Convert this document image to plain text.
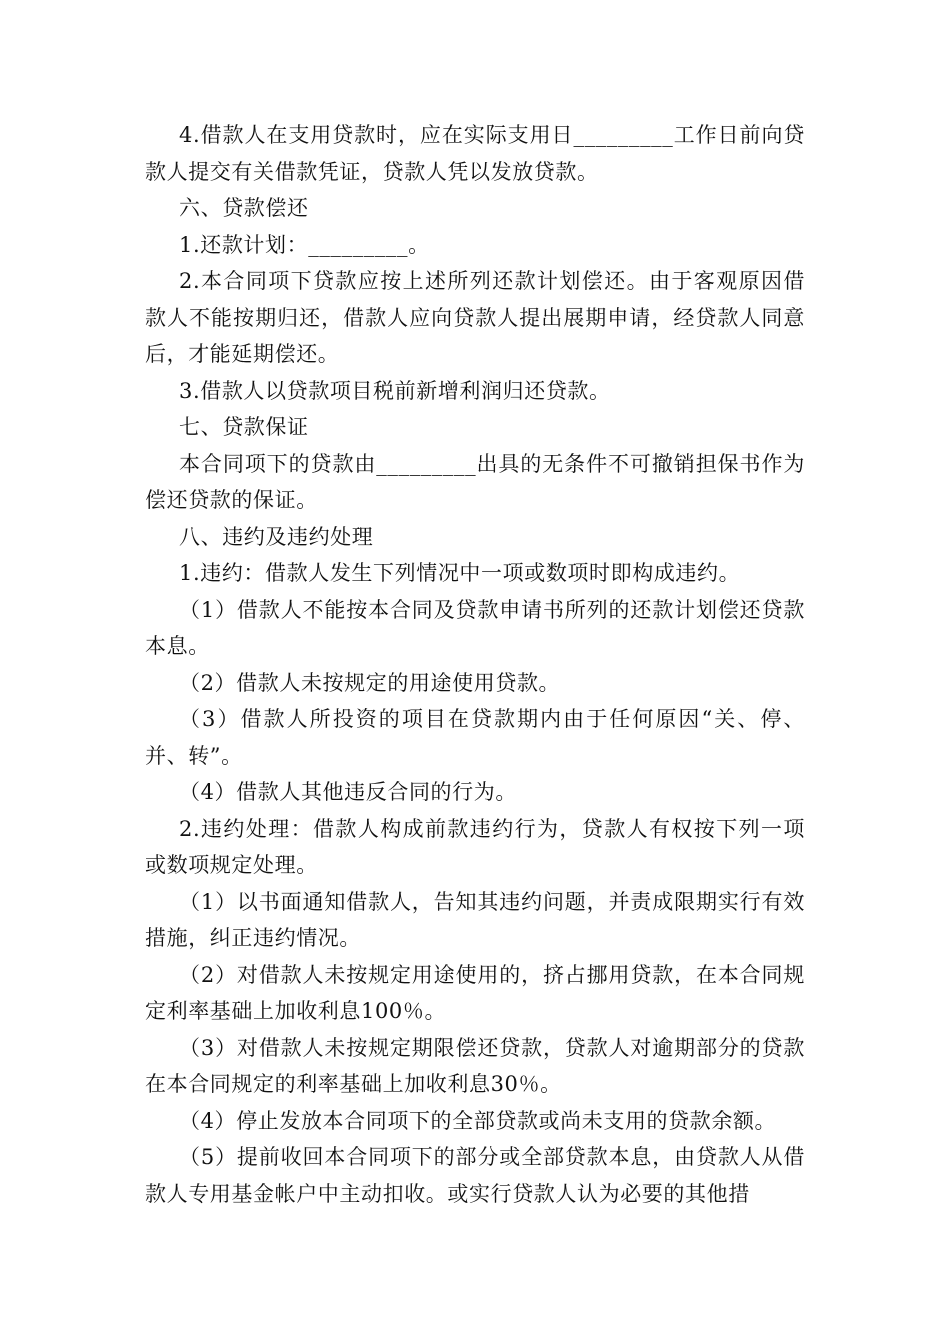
4.借款人在支用贷款时，应在实际支用日_________工作日前向贷款人提交有关借款凭证，贷款人凭以发放贷款。

六、贷款偿还

1.还款计划：_________。

2.本合同项下贷款应按上述所列还款计划偿还。由于客观原因借款人不能按期归还，借款人应向贷款人提出展期申请，经贷款人同意后，才能延期偿还。

3.借款人以贷款项目税前新增利润归还贷款。

七、贷款保证

本合同项下的贷款由_________出具的无条件不可撤销担保书作为偿还贷款的保证。

八、违约及违约处理

1.违约：借款人发生下列情况中一项或数项时即构成违约。

（1）借款人不能按本合同及贷款申请书所列的还款计划偿还贷款本息。

（2）借款人未按规定的用途使用贷款。

（3）借款人所投资的项目在贷款期内由于任何原因“关、停、并、转”。

（4）借款人其他违反合同的行为。

2.违约处理：借款人构成前款违约行为，贷款人有权按下列一项或数项规定处理。

（1）以书面通知借款人，告知其违约问题，并责成限期实行有效措施，纠正违约情况。

（2）对借款人未按规定用途使用的，挤占挪用贷款，在本合同规定利率基础上加收利息100％。

（3）对借款人未按规定期限偿还贷款，贷款人对逾期部分的贷款在本合同规定的利率基础上加收利息30％。

（4）停止发放本合同项下的全部贷款或尚未支用的贷款余额。

（5）提前收回本合同项下的部分或全部贷款本息，由贷款人从借款人专用基金帐户中主动扣收。或实行贷款人认为必要的其他措
